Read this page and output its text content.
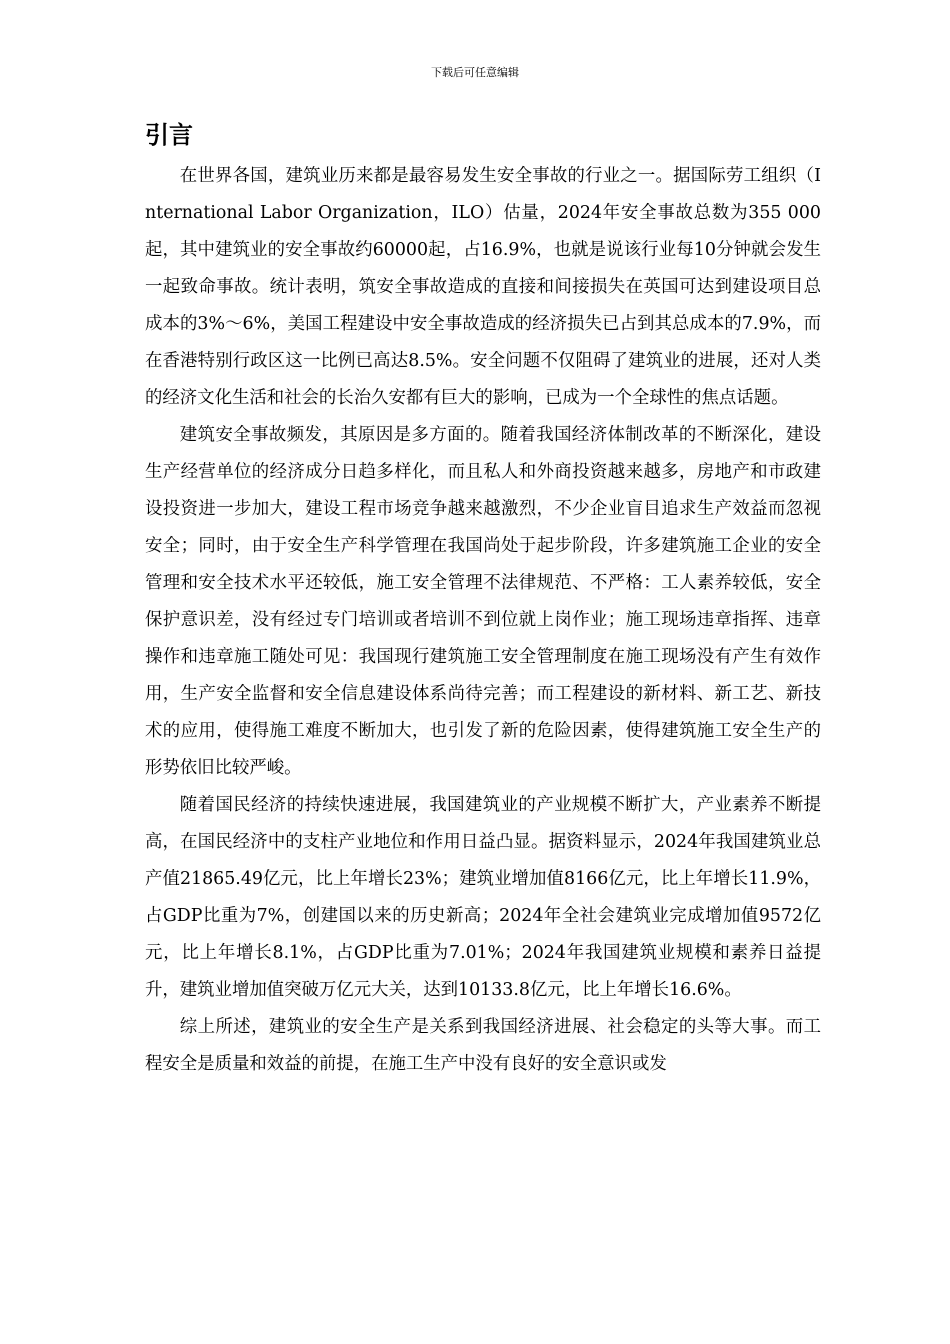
下载后可任意编辑
引言

在世界各国，建筑业历来都是最容易发生安全事故的行业之一。据国际劳工组织（International Labor Organization，ILO）估量，2024年安全事故总数为355 000起，其中建筑业的安全事故约60000起，占16.9%，也就是说该行业每10分钟就会发生一起致命事故。统计表明，筑安全事故造成的直接和间接损失在英国可达到建设项目总成本的3%～6%，美国工程建设中安全事故造成的经济损失已占到其总成本的7.9%，而在香港特别行政区这一比例已高达8.5%。安全问题不仅阻碍了建筑业的进展，还对人类的经济文化生活和社会的长治久安都有巨大的影响，已成为一个全球性的焦点话题。

建筑安全事故频发，其原因是多方面的。随着我国经济体制改革的不断深化，建设生产经营单位的经济成分日趋多样化，而且私人和外商投资越来越多，房地产和市政建设投资进一步加大，建设工程市场竞争越来越激烈，不少企业盲目追求生产效益而忽视安全；同时，由于安全生产科学管理在我国尚处于起步阶段，许多建筑施工企业的安全管理和安全技术水平还较低，施工安全管理不法律规范、不严格：工人素养较低，安全保护意识差，没有经过专门培训或者培训不到位就上岗作业；施工现场违章指挥、违章操作和违章施工随处可见：我国现行建筑施工安全管理制度在施工现场没有产生有效作用，生产安全监督和安全信息建设体系尚待完善；而工程建设的新材料、新工艺、新技术的应用，使得施工难度不断加大，也引发了新的危险因素，使得建筑施工安全生产的形势依旧比较严峻。

随着国民经济的持续快速进展，我国建筑业的产业规模不断扩大，产业素养不断提高，在国民经济中的支柱产业地位和作用日益凸显。据资料显示，2024年我国建筑业总产值21865.49亿元，比上年增长23%；建筑业增加值8166亿元，比上年增长11.9%，占GDP比重为7%，创建国以来的历史新高；2024年全社会建筑业完成增加值9572亿元，比上年增长8.1%，占GDP比重为7.01%；2024年我国建筑业规模和素养日益提升，建筑业增加值突破万亿元大关，达到10133.8亿元，比上年增长16.6%。

综上所述，建筑业的安全生产是关系到我国经济进展、社会稳定的头等大事。而工程安全是质量和效益的前提，在施工生产中没有良好的安全意识或发
